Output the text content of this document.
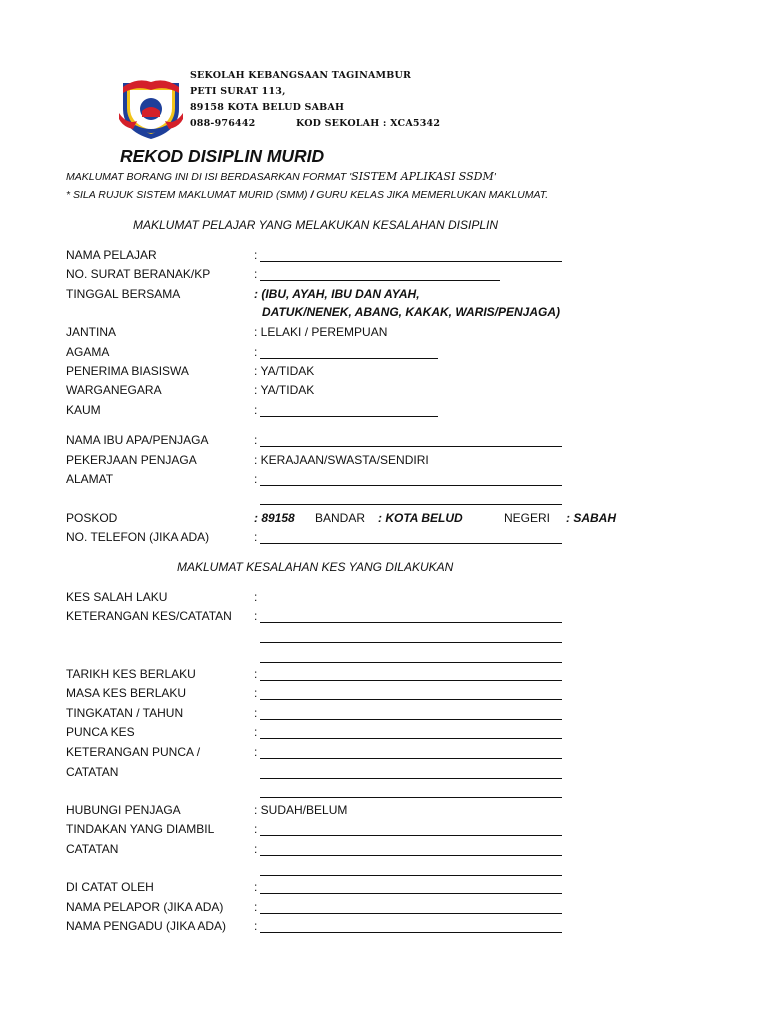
SEKOLAH KEBANGSAAN TAGINAMBUR
PETI SURAT 113,
89158 KOTA BELUD SABAH
088-976442	KOD SEKOLAH : XCA5342
REKOD DISIPLIN MURID
MAKLUMAT BORANG INI DI ISI BERDASARKAN FORMAT 'SISTEM APLIKASI SSDM'
* SILA RUJUK SISTEM MAKLUMAT MURID (SMM) / GURU KELAS JIKA MEMERLUKAN MAKLUMAT.
MAKLUMAT PELAJAR YANG MELAKUKAN KESALAHAN DISIPLIN
NAMA PELAJAR	:
NO. SURAT BERANAK/KP	:
TINGGAL BERSAMA	: (IBU, AYAH, IBU DAN AYAH,
DATUK/NENEK, ABANG, KAKAK, WARIS/PENJAGA)
JANTINA	: LELAKI / PEREMPUAN
AGAMA	:
PENERIMA BIASISWA	: YA/TIDAK
WARGANEGARA	: YA/TIDAK
KAUM	:
NAMA IBU APA/PENJAGA	:
PEKERJAAN PENJAGA	: KERAJAAN/SWASTA/SENDIRI
ALAMAT	:
POSKOD	: 89158 BANDAR : KOTA BELUD	NEGERI : SABAH
NO. TELEFON (JIKA ADA)	:
MAKLUMAT KESALAHAN KES YANG DILAKUKAN
KES SALAH LAKU	:
KETERANGAN KES/CATATAN :
TARIKH KES BERLAKU	:
MASA KES BERLAKU	:
TINGKATAN / TAHUN	:
PUNCA KES	:
KETERANGAN PUNCA /	:
CATATAN
HUBUNGI PENJAGA	: SUDAH/BELUM
TINDAKAN YANG DIAMBIL	:
CATATAN	:
DI CATAT OLEH	:
NAMA PELAPOR (JIKA ADA)	:
NAMA PENGADU (JIKA ADA) :
